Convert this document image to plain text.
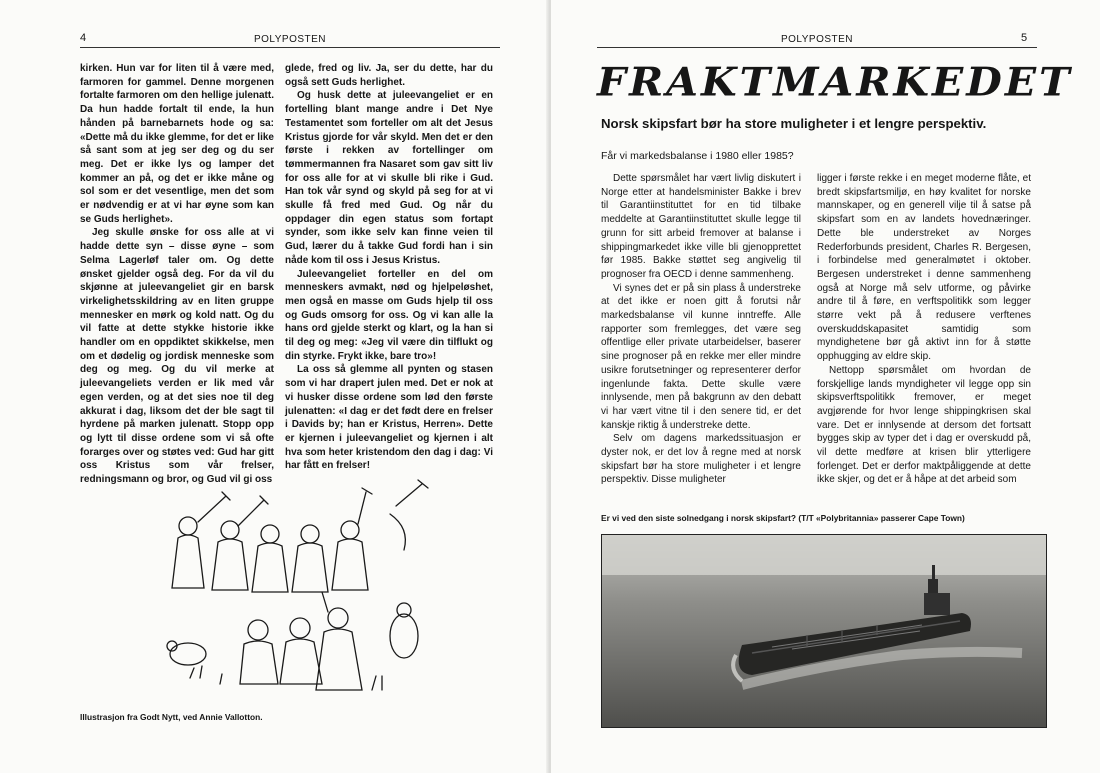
4	POLYPOSTEN

kirken. Hun var for liten til å være med, farmoren for gammel. Denne morgenen fortalte farmoren om den hellige julenatt. Da hun hadde fortalt til ende, la hun hånden på barnebarnets hode og sa: «Dette må du ikke glemme, for det er like så sant som at jeg ser deg og du ser meg. Det er ikke lys og lamper det kommer an på, og det er ikke måne og sol som er det vesentlige, men det som er nødvendig er at vi har øyne som kan se Guds herlighet».

Jeg skulle ønske for oss alle at vi hadde dette syn – disse øyne – som Selma Lagerløf taler om. Og dette ønsket gjelder også deg. For da vil du skjønne at juleevangeliet gir en barsk virkelighetsskildring av en liten gruppe mennesker en mørk og kold natt. Og du vil fatte at dette stykke historie ikke handler om en oppdiktet skikkelse, men om et dødelig og jordisk menneske som deg og meg. Og du vil merke at juleevangeliets verden er lik med vår egen verden, og at det sies noe til deg akkurat i dag, liksom det der ble sagt til hyrdene på marken julenatt. Stopp opp og lytt til disse ordene som vi så ofte forarges over og støtes ved: Gud har gitt oss Kristus som vår frelser, redningsmann og bror, og Gud vil gi oss

glede, fred og liv. Ja, ser du dette, har du også sett Guds herlighet.

Og husk dette at juleevangeliet er en fortelling blant mange andre i Det Nye Testamentet som forteller om alt det Jesus Kristus gjorde for vår skyld. Men det er den første i rekken av fortellinger om tømmermannen fra Nasaret som gav sitt liv for oss alle for at vi skulle bli rike i Gud. Han tok vår synd og skyld på seg for at vi skulle få fred med Gud. Og når du oppdager din egen status som fortapt synder, som ikke selv kan finne veien til Gud, lærer du å takke Gud fordi han i sin nåde kom til oss i Jesus Kristus.

Juleevangeliet forteller en del om menneskers avmakt, nød og hjelpeløshet, men også en masse om Guds hjelp til oss og Guds omsorg for oss. Og vi kan alle la hans ord gjelde sterkt og klart, og la han si til deg og meg: «Jeg vil være din tilflukt og din styrke. Frykt ikke, bare tro»!

La oss så glemme all pynten og stasen som vi har drapert julen med. Det er nok at vi husker disse ordene som lød den første julenatten: «I dag er det født dere en frelser i Davids by; han er Kristus, Herren». Dette er kjernen i juleevangeliet og kjernen i alt hva som heter kristendom den dag i dag: Vi har fått en frelser!

Illustrasjon fra Godt Nytt, ved Annie Vallotton.
POLYPOSTEN	5
FRAKTMARKEDET
Norsk skipsfart bør ha store muligheter i et lengre perspektiv.
Får vi markedsbalanse i 1980 eller 1985?

Dette spørsmålet har vært livlig diskutert i Norge etter at handelsminister Bakke i brev til Garantiinstituttet for en tid tilbake meddelte at Garantiinstituttet skulle legge til grunn for sitt arbeid fremover at balanse i shippingmarkedet ikke ville bli gjenopprettet før 1985. Bakke støttet seg angivelig til prognoser fra OECD i denne sammenheng.

Vi synes det er på sin plass å understreke at det ikke er noen gitt å forutsi når markedsbalanse vil kunne inntreffe. Alle rapporter som fremlegges, det være seg offentlige eller private utarbeidelser, baserer sine prognoser på en rekke mer eller mindre usikre forutsetninger og representerer derfor ingenlunde fakta. Dette skulle være innlysende, men på bakgrunn av den debatt vi har vært vitne til i den senere tid, er det kanskje riktig å understreke dette.

Selv om dagens markedssituasjon er dyster nok, er det lov å regne med at norsk skipsfart bør ha store muligheter i et lengre perspektiv. Disse muligheter

ligger i første rekke i en meget moderne flåte, et bredt skipsfartsmiljø, en høy kvalitet for norske mannskaper, og en generell vilje til å satse på skipsfart som en av landets hovednæringer. Dette ble understreket av Norges Rederforbunds president, Charles R. Bergesen, i forbindelse med generalmøtet i oktober. Bergesen understreket i denne sammenheng også at Norge må selv utforme, og påvirke andre til å føre, en verftspolitikk som legger større vekt på å redusere verftenes overskuddskapasitet samtidig som myndighetene bør gå aktivt inn for å støtte opphugging av eldre skip.

Nettopp spørsmålet om hvordan de forskjellige lands myndigheter vil legge opp sin skipsverftspolitikk fremover, er meget avgjørende for hvor lenge shippingkrisen skal vare. Det er innlysende at dersom det fortsatt bygges skip av typer det i dag er overskudd på, vil dette medføre at krisen blir ytterligere forlenget. Det er derfor maktpåliggende at dette ikke skjer, og det er å håpe at det arbeid som

Er vi ved den siste solnedgang i norsk skipsfart? (T/T «Polybritannia» passerer Cape Town)
